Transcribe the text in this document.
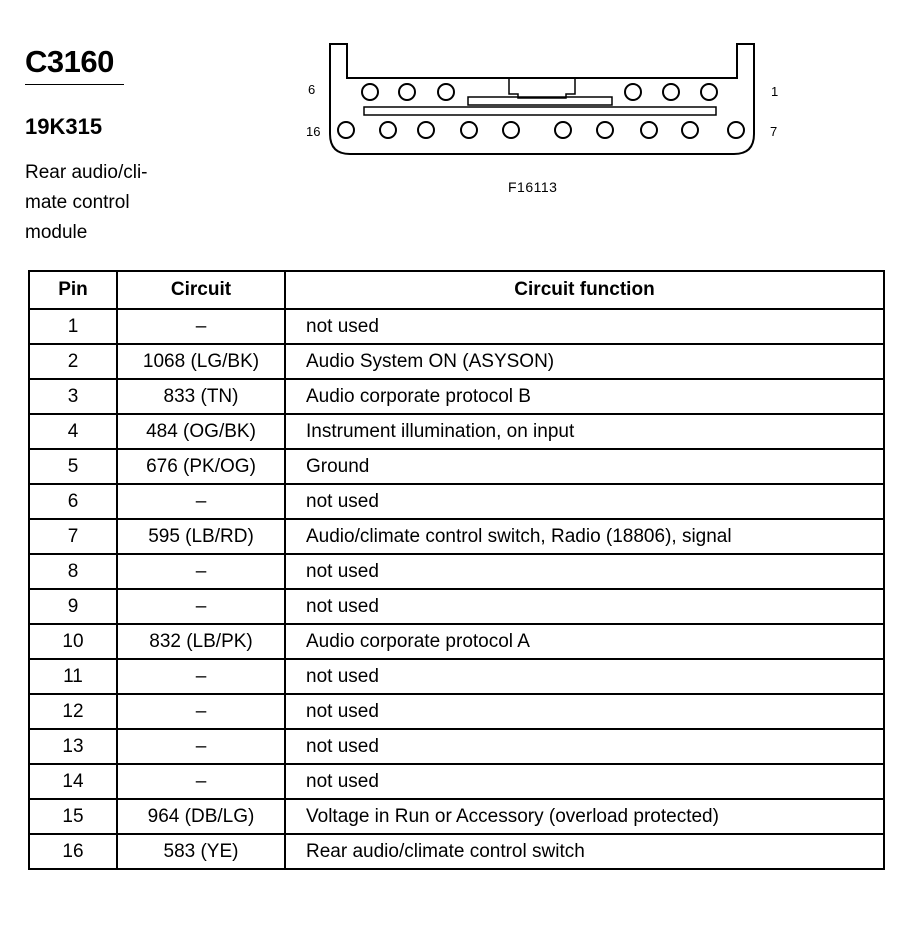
C3160
19K315
Rear audio/cli-
mate control
module
6	1
16	7
F16113
Pin	Circuit	Circuit function
1	–	not used
2	1068 (LG/BK)	Audio System ON (ASYSON)
3	833 (TN)	Audio corporate protocol B
4	484 (OG/BK)	Instrument illumination, on input
5	676 (PK/OG)	Ground
6	–	not used
7	595 (LB/RD)	Audio/climate control switch, Radio (18806), signal
8	–	not used
9	–	not used
10	832 (LB/PK)	Audio corporate protocol A
11	–	not used
12	–	not used
13	–	not used
14	–	not used
15	964 (DB/LG)	Voltage in Run or Accessory (overload protected)
16	583 (YE)	Rear audio/climate control switch
